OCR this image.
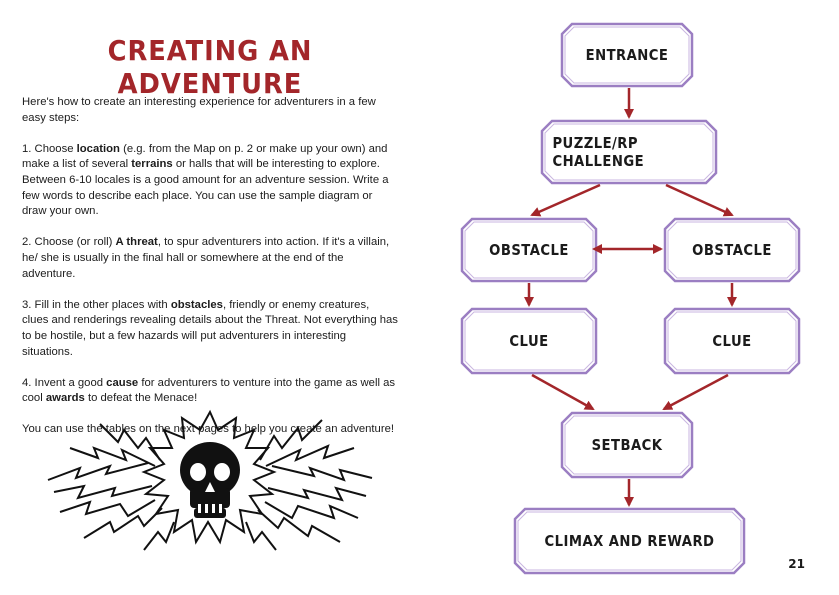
CREATING AN ADVENTURE

Here's how to create an interesting experience for adventurers in a few easy steps:

1. Choose location (e.g. from the Map on p. 2 or make up your own) and make a list of several terrains or halls that will be interesting to explore. Between 6-10 locales is a good amount for an adventure session. Write a few words to describe each place. You can use the sample diagram or draw your own.

2. Choose (or roll) A threat, to spur adventurers into action. If it's a villain, he/ she is usually in the final hall or somewhere at the end of the adventure.

3. Fill in the other places with obstacles, friendly or enemy creatures, clues and renderings revealing details about the Threat. Not everything has to be hostile, but a few hazards will put adventurers in interesting situations.

4. Invent a good cause for adventurers to venture into the game as well as cool awards to defeat the Menace!

You can use the tables on the next pages to help you create an adventure!

ENTRANCE
PUZZLE/RP CHALLENGE
OBSTACLE	OBSTACLE
CLUE	CLUE
SETBACK
CLIMAX AND REWARD
21
